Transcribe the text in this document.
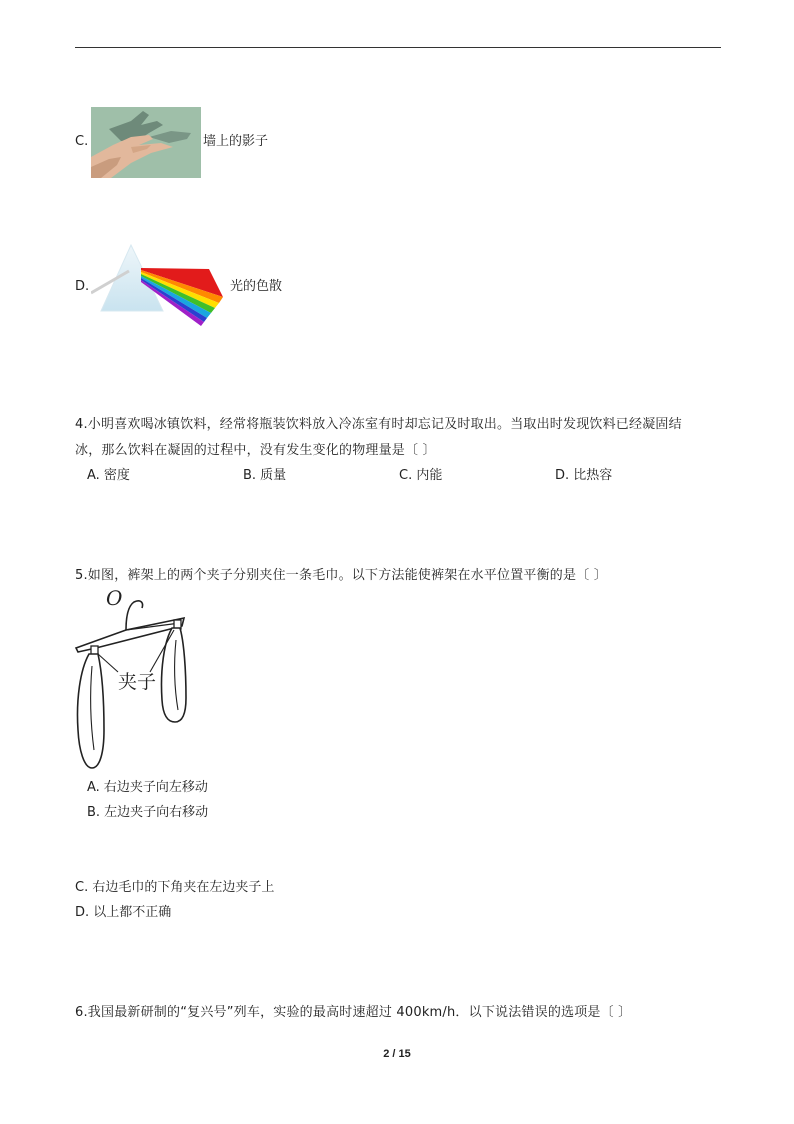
C.	墙上的影子
D.	光的色散
4.小明喜欢喝冰镇饮料，经常将瓶装饮料放入冷冻室有时却忘记及时取出。当取出时发现饮料已经凝固结
冰，那么饮料在凝固的过程中，没有发生变化的物理量是〔 〕
A. 密度	B. 质量	C. 内能	D. 比热容
5.如图，裤架上的两个夹子分别夹住一条毛巾。以下方法能使裤架在水平位置平衡的是〔 〕
O
夹子
A. 右边夹子向左移动
B. 左边夹子向右移动
C. 右边毛巾的下角夹在左边夹子上
D. 以上都不正确
6.我国最新研制的“复兴号”列车，实验的最高时速超过 400km/h．以下说法错误的选项是〔 〕
2 / 15
